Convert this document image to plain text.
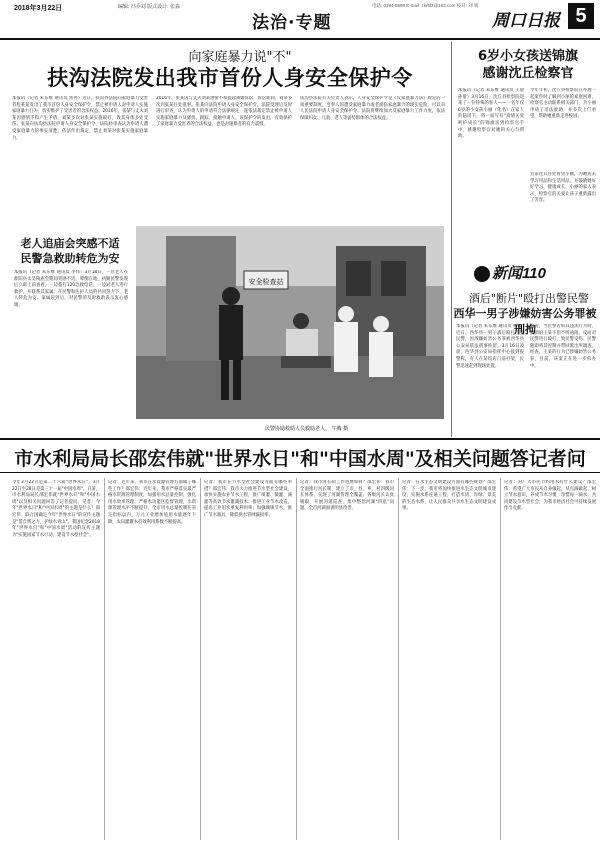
2018年3月22日	编辑: 冯乔刘 版式设计: 张淼
法治·专题
电话: 0394-8599 E-mail: zkrbfz@163.com 校对: 刘 娟
周口日报 5
向家庭暴力说"不"
扶沟法院发出我市首份人身安全保护令
本报讯（记者 朱东维 通讯员 焦冉）近日，扶沟县法院向家庭暴力受害者程某某发出了我市首份人身安全保护令，禁止被申请人对申请人实施家庭暴力行为，切实维护了受害者的合法权益。2016年，张某与丈夫刘某因感情不和产生矛盾，刘某多次对张某实施殴打，致其身体多处受伤。张某向扶沟县法院申请人身安全保护令，法院经审查认为申请人遭受家庭暴力的事实清楚，依法作出裁定，禁止刘某对张某实施家庭暴力。
2016年，张某因与丈夫刘某感情不和提起离婚诉讼，诉讼期间，刘某多次到张某住处滋事。张某向法院申请人身安全保护令，法院受理后及时进行审查，认为申请人的申请符合法律规定，遂依法裁定禁止被申请人实施家庭暴力及骚扰、跟踪、接触申请人。该保护令的发出，有效保护了家庭暴力受害者的合法权益，也是对施暴者的有力震慑。
扶沟县法院有关负责人表示，人身安全保护令是《反家庭暴力法》规定的一项重要制度，当事人因遭受家庭暴力或者面临家庭暴力的现实危险，可以向人民法院申请人身安全保护令。法院将继续加大反家庭暴力工作力度，依法保障妇女、儿童、老人等弱势群体的合法权益。
6岁小女孩送锦旗
感谢沈丘检察官
本报讯（记者 朱东维 通讯员 王晨 孙倩）3月16日，沈丘县检察院迎来了一位特殊的客人——一名年仅6岁的小女孩小丽（化名）在家人的陪同下，将一面写有"真情关爱 呵护成长"的锦旗送到检察官手中，感谢检察官对她的关心与帮助。
今年年初，沈丘县检察院在办理一起案件时了解到小丽的家庭困难，检察官主动联系相关部门，为小丽申请了司法救助，并多次上门看望，帮助她重新走进校园。
官前往其住处看望小丽，为她送去学习用品和生活用品，并鼓励她好好学习、健康成长。小丽的家人表示，检察官的关爱让孩子重新露出了笑容。
老人追庙会突感不适
民警急救助转危为安
本报讯（记者 朱东维 通讯员 李伟）3月18日，一位老人在淮阳县太昊陵庙会期间突感不适，晕倒在地，执勤民警发现后立即上前查看，一边拨打120急救电话，一边对老人进行救护，并联系其家属。在民警和医护人员的共同努力下，老人转危为安。家属赶到后，对民警的及时救助表示衷心感谢。
安全检查站
民警协助救助人员救助老人。 牛腾 摄
新闻110
酒后"断片"殴打出警民警
西华一男子涉嫌妨害公务罪被刑拘
本报讯（记者 朱东维 通讯员 陈俊）近日，西华县一男子酒后殴打出警民警，因涉嫌妨害公务罪被西华县公安局依法刑事拘留。3月16日凌晨，西华县公安局指挥中心接到报警称，有人在某饭店门前打架，民警迅速赶到现场处置。
情况，当民警告诉其违法行为时，醉酒的王某不但不听劝阻，反而对民警进行殴打，致民警受伤。民警随即将其控制并带回派出所调查。经查，王某的行为已涉嫌妨害公务罪，目前，该案正在进一步侦办中。
市水利局局长邵宏伟就"世界水日"和"中国水周"及相关问题答记者问
今年3月22日是第二十六届"世界水日"，3月22日至28日是第三十一届"中国水周"。日前，市水利局局长邵宏伟就"世界水日"和"中国水周"以及相关问题回答了记者提问。记者：今年"世界水日"和"中国水周"的主题是什么？邵宏伟：联合国确定今年"世界水日"的宣传主题是"借自然之力，护绿水青山"。我国纪念2018年"世界水日"和"中国水周"活动的宣传主题为"实施国家节水行动，建设节水型社会"。
记者：近年来，我市在水资源管理方面做了哪些工作？邵宏伟：近年来，我市严格落实最严格水资源管理制度，加强用水总量控制，强化用水效率管理，严格水功能区监督管理，水资源管理水平不断提升。全市用水总量控制在省定指标以内，万元工业增加值用水量逐年下降，农田灌溉水有效利用系数不断提高。
记者：我市在节水型社会建设方面有哪些举措？邵宏伟：我市大力推进节水型社会建设，加快实施农业节水工程，推广喷灌、微灌、滴灌等高效节水灌溉技术；推进工业节水改造，提高工业用水重复利用率；加强城镇节水，推广节水器具，降低供水管网漏损率。
记者：我市河长制工作进展如何？邵宏伟：我市全面推行河长制，建立了市、县、乡、村四级河长体系，实现了河湖管理全覆盖。各级河长认真履职，开展河道巡查，集中整治河湖"四乱"问题，全市河湖面貌明显改善。
记者：在水生态文明建设方面有哪些规划？邵宏伟：下一步，我市将加快推进水生态文明城市建设，实施水系连通工程，打造水清、岸绿、景美的生态水系，让人民群众共享水生态文明建设成果。
记者：对广大市民节约用水有什么建议？邵宏伟：希望广大市民从自身做起，从点滴做起，树立节水意识，养成节水习惯，珍惜每一滴水，共同建设节水型社会，为我市经济社会可持续发展作出贡献。
